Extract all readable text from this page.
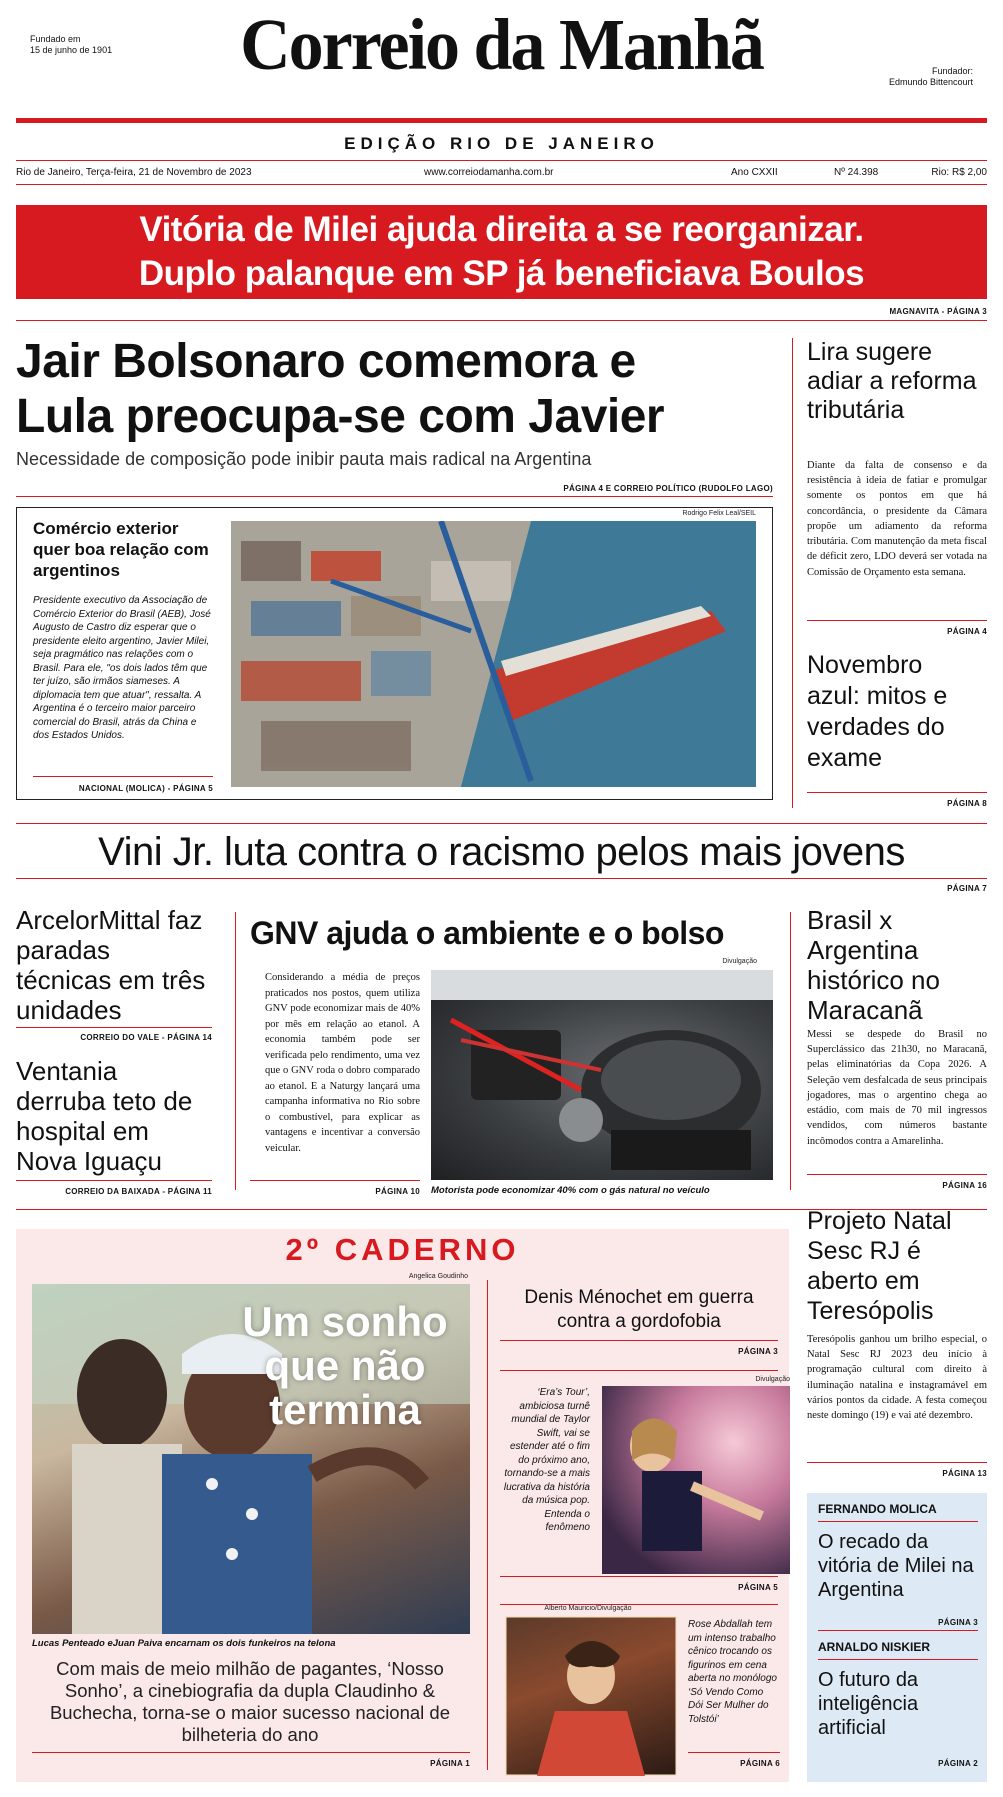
Fundado em
15 de junho de 1901	Correio da Manhã	Fundador:
Edmundo Bittencourt
EDIÇÃO RIO DE JANEIRO
Rio de Janeiro, Terça-feira, 21 de Novembro de 2023	www.correiodamanha.com.br	Ano CXXII	Nº 24.398	Rio: R$ 2,00
Vitória de Milei ajuda direita a se reorganizar.
Duplo palanque em SP já beneficiava Boulos
MAGNAVITA - PÁGINA 3
Jair Bolsonaro comemora e
Lula preocupa-se com Javier
Necessidade de composição pode inibir pauta mais radical na Argentina
PÁGINA 4 E CORREIO POLÍTICO (RUDOLFO LAGO)
Comércio exterior quer boa relação com argentinos
Presidente executivo da Associação de Comércio Exterior do Brasil (AEB), José Augusto de Castro diz esperar que o presidente eleito argentino, Javier Milei, seja pragmático nas relações com o Brasil. Para ele, "os dois lados têm que ter juízo, são irmãos siameses. A diplomacia tem que atuar", ressalta. A Argentina é o terceiro maior parceiro comercial do Brasil, atrás da China e dos Estados Unidos.
NACIONAL (MOLICA) - PÁGINA 5
Rodrigo Felix Leal/SEIL
Lira sugere adiar a reforma tributária
Diante da falta de consenso e da resistência à ideia de fatiar e promulgar somente os pontos em que há concordância, o presidente da Câmara propõe um adiamento da reforma tributária. Com manutenção da meta fiscal de déficit zero, LDO deverá ser votada na Comissão de Orçamento esta semana.
PÁGINA 4
Novembro azul: mitos e verdades do exame
PÁGINA 8
Vini Jr. luta contra o racismo pelos mais jovens
PÁGINA 7
ArcelorMittal faz paradas técnicas em três unidades
CORREIO DO VALE - PÁGINA 14
Ventania derruba teto de hospital em Nova Iguaçu
CORREIO DA BAIXADA - PÁGINA 11
GNV ajuda o ambiente e o bolso
Considerando a média de preços praticados nos postos, quem utiliza GNV pode economizar mais de 40% por mês em relação ao etanol. A economia também pode ser verificada pelo rendimento, uma vez que o GNV roda o dobro comparado ao etanol. E a Naturgy lançará uma campanha informativa no Rio sobre o combustível, para explicar as vantagens e incentivar a conversão veicular.
PÁGINA 10
Divulgação
Motorista pode economizar 40% com o gás natural no veículo
Brasil x Argentina histórico no Maracanã
Messi se despede do Brasil no Superclássico das 21h30, no Maracanã, pelas eliminatórias da Copa 2026. A Seleção vem desfalcada de seus principais jogadores, mas o argentino chega ao estádio, com mais de 70 mil ingressos vendidos, com números bastante incômodos contra a Amarelinha.
PÁGINA 16
2º CADERNO
Angelica Goudinho
Um sonho que não termina
Lucas Penteado eJuan Paiva encarnam os dois funkeiros na telona
Com mais de meio milhão de pagantes, ‘Nosso Sonho’, a cinebiografia da dupla Claudinho & Buchecha, torna-se o maior sucesso nacional de bilheteria do ano
PÁGINA 1
Denis Ménochet em guerra contra a gordofobia
PÁGINA 3
Divulgação
‘Era’s Tour’, ambiciosa turnê mundial de Taylor Swift, vai se estender até o fim do próximo ano, tornando-se a mais lucrativa da história da música pop. Entenda o fenômeno
PÁGINA 5
Alberto Mauricio/Divulgação
Rose Abdallah tem um intenso trabalho cênico trocando os figurinos em cena aberta no monólogo ‘Só Vendo Como Dói Ser Mulher do Tolstói’
PÁGINA 6
Projeto Natal Sesc RJ é aberto em Teresópolis
Teresópolis ganhou um brilho especial, o Natal Sesc RJ 2023 deu início à programação cultural com direito à iluminação natalina e instagramável em vários pontos da cidade. A festa começou neste domingo (19) e vai até dezembro.
PÁGINA 13
FERNANDO MOLICA
O recado da vitória de Milei na Argentina
PÁGINA 3
ARNALDO NISKIER
O futuro da inteligência artificial
PÁGINA 2
